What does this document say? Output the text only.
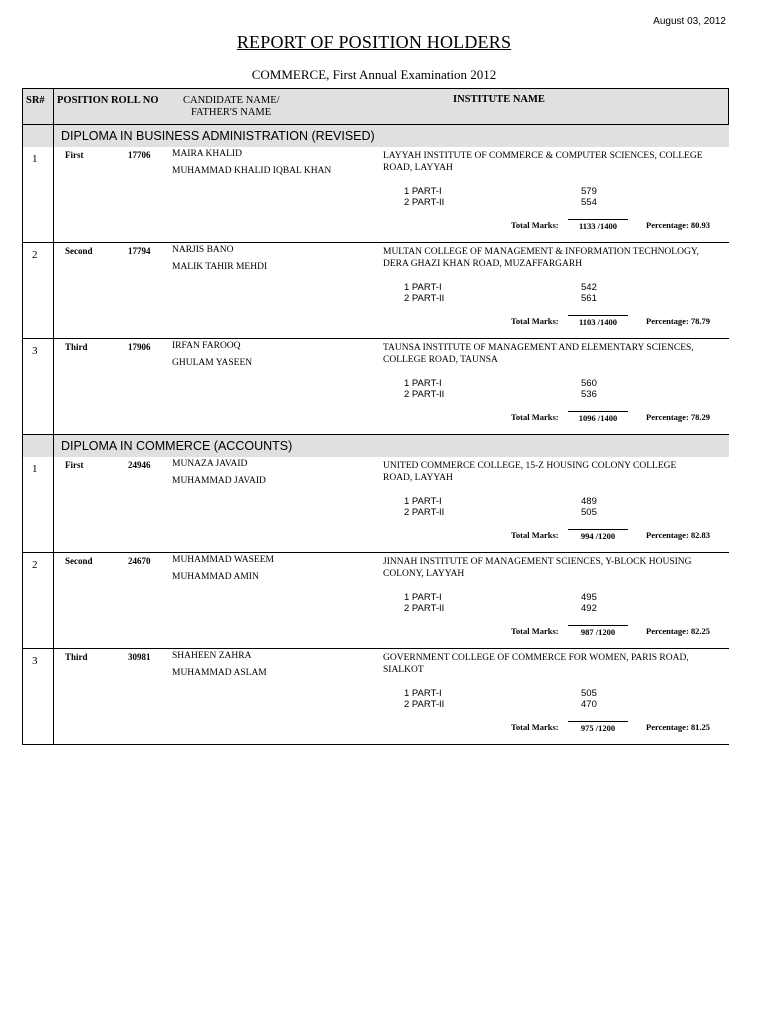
August 03, 2012
REPORT OF POSITION HOLDERS
COMMERCE, First Annual Examination 2012
SR# POSITION ROLL NO CANDIDATE NAME/
FATHER'S NAME
INSTITUTE NAME
DIPLOMA IN BUSINESS ADMINISTRATION (REVISED)
1	First	17706 MAIRA KHALID
MUHAMMAD KHALID IQBAL KHAN
LAYYAH INSTITUTE OF COMMERCE & COMPUTER SCIENCES, COLLEGE ROAD, LAYYAH
1 PART-I	579
2 PART-II	554
Total Marks:	1133 /1400	Percentage: 80.93
2	Second	17794 NARJIS BANO
MALIK TAHIR MEHDI
MULTAN COLLEGE OF MANAGEMENT & INFORMATION TECHNOLOGY, DERA GHAZI KHAN ROAD, MUZAFFARGARH
1 PART-I	542
2 PART-II	561
Total Marks:	1103 /1400	Percentage: 78.79
3	Third	17906 IRFAN FAROOQ
GHULAM YASEEN
TAUNSA INSTITUTE OF MANAGEMENT AND ELEMENTARY SCIENCES, COLLEGE ROAD, TAUNSA
1 PART-I	560
2 PART-II	536
Total Marks:	1096 /1400	Percentage: 78.29
DIPLOMA IN COMMERCE (ACCOUNTS)
1	First	24946 MUNAZA JAVAID
MUHAMMAD JAVAID
UNITED COMMERCE COLLEGE, 15-Z HOUSING COLONY COLLEGE ROAD, LAYYAH
1 PART-I	489
2 PART-II	505
Total Marks:	994 /1200	Percentage: 82.83
2	Second	24670 MUHAMMAD WASEEM
MUHAMMAD AMIN
JINNAH INSTITUTE OF MANAGEMENT SCIENCES, Y-BLOCK HOUSING COLONY, LAYYAH
1 PART-I	495
2 PART-II	492
Total Marks:	987 /1200	Percentage: 82.25
3	Third	30981 SHAHEEN ZAHRA
MUHAMMAD ASLAM
GOVERNMENT COLLEGE OF COMMERCE FOR WOMEN, PARIS ROAD, SIALKOT
1 PART-I	505
2 PART-II	470
Total Marks:	975 /1200	Percentage: 81.25
